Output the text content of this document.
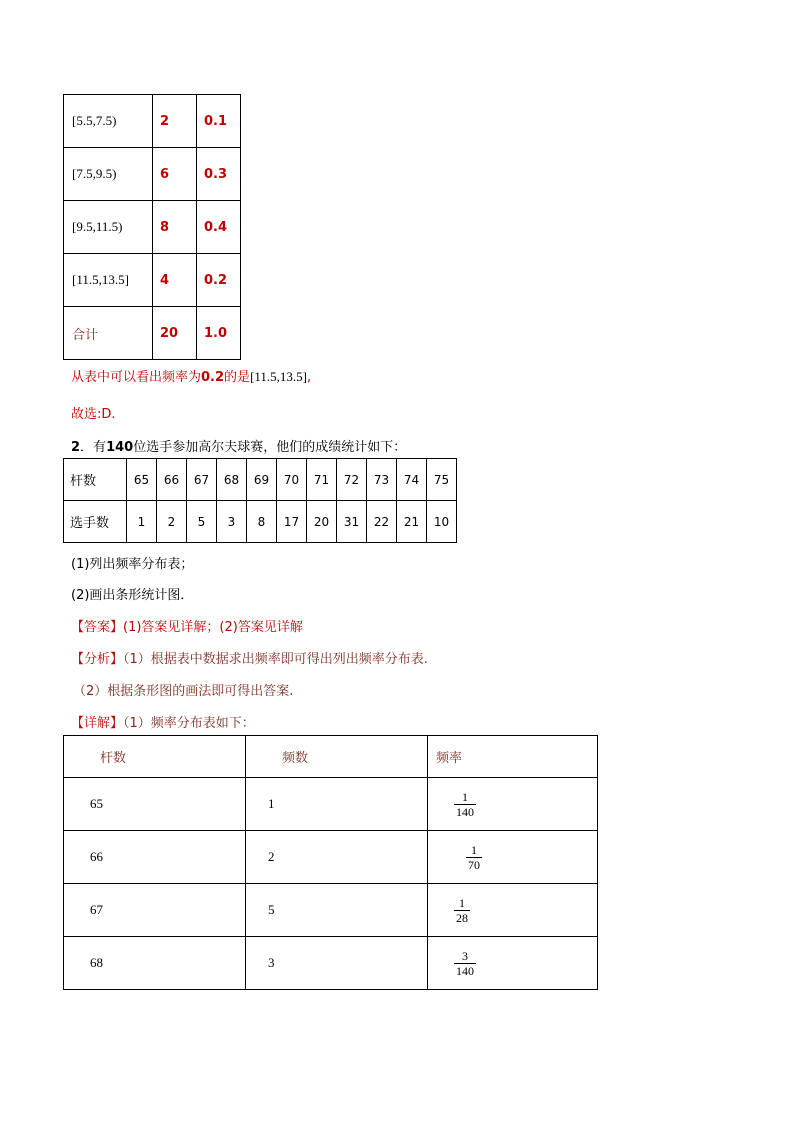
[5.5,7.5)	2	0.1
[7.5,9.5)	6	0.3
[9.5,11.5)	8	0.4
[11.5,13.5]	4	0.2
合计	20	1.0
从表中可以看出频率为0.2的是[11.5,13.5],
故选:D.
2．有140位选手参加高尔夫球赛，他们的成绩统计如下：
杆数	65	66	67	68	69	70	71	72	73	74	75
选手数	1	2	5	3	8	17	20	31	22	21	10
(1)列出频率分布表；
(2)画出条形统计图．
【答案】(1)答案见详解；(2)答案见详解
【分析】（1）根据表中数据求出频率即可得出列出频率分布表.
（2）根据条形图的画法即可得出答案.
【详解】（1）频率分布表如下：
杆数	频数	频率
65	1	$\frac{1}{140}$

66	2	$\frac{1}{70}$

67	5	$\frac{1}{28}$

68	3	$\frac{3}{140}$
